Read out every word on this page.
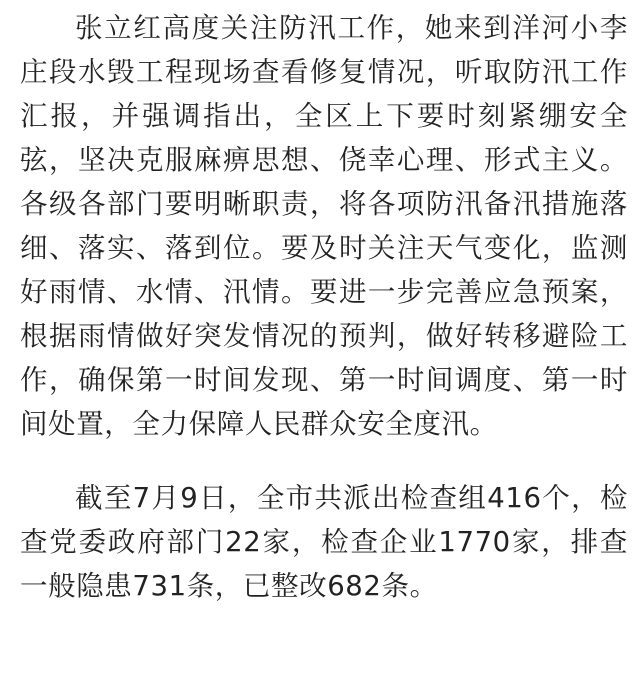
张立红高度关注防汛工作，她来到洋河小李庄段水毁工程现场查看修复情况，听取防汛工作汇报，并强调指出，全区上下要时刻紧绷安全弦，坚决克服麻痹思想、侥幸心理、形式主义。各级各部门要明晰职责，将各项防汛备汛措施落细、落实、落到位。要及时关注天气变化，监测好雨情、水情、汛情。要进一步完善应急预案，根据雨情做好突发情况的预判，做好转移避险工作，确保第一时间发现、第一时间调度、第一时间处置，全力保障人民群众安全度汛。

截至7月9日，全市共派出检查组416个，检查党委政府部门22家，检查企业1770家，排查一般隐患731条，已整改682条。
